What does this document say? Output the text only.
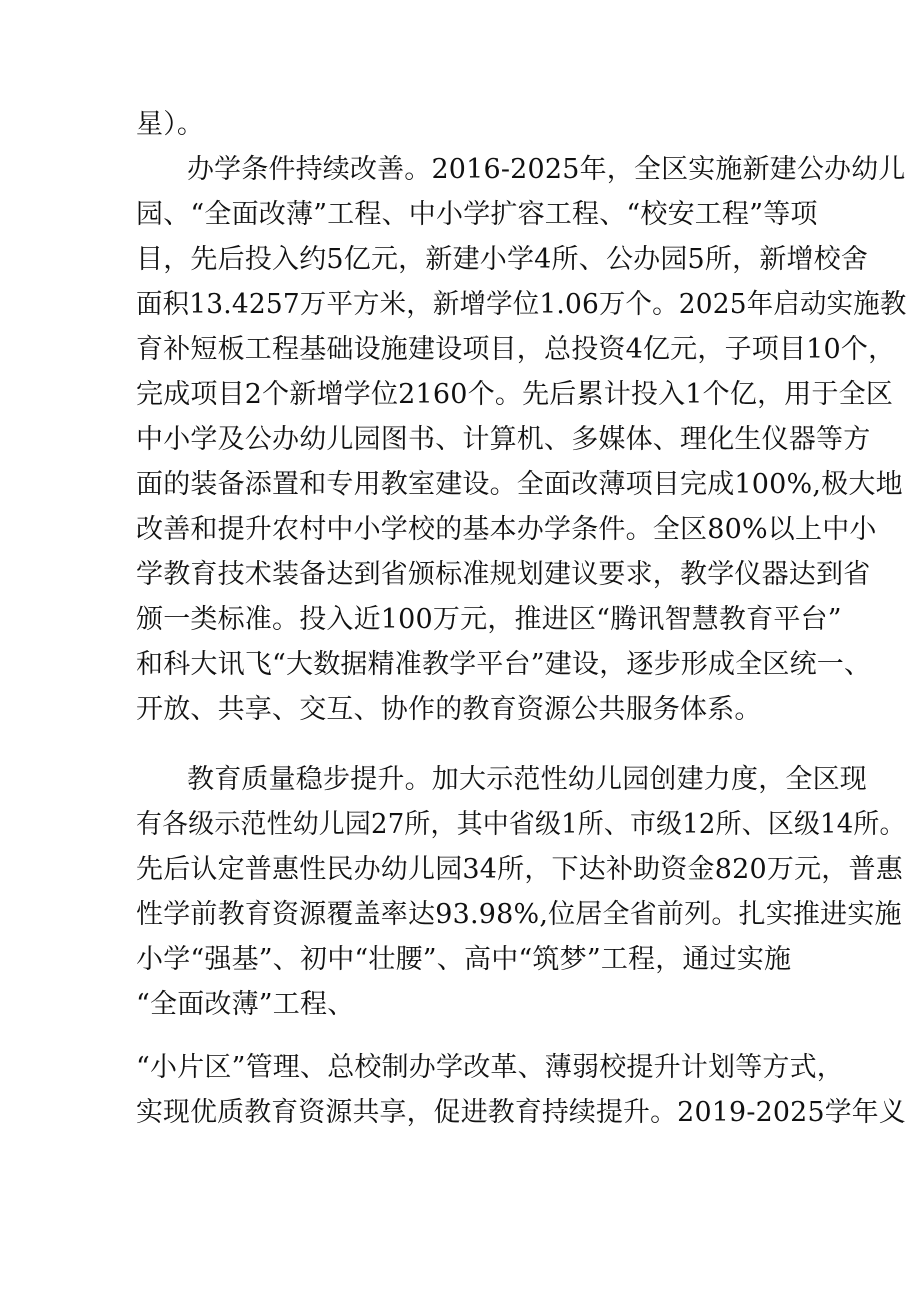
星）。
办学条件持续改善。2016-2025年，全区实施新建公办幼儿
园、“全面改薄”工程、中小学扩容工程、“校安工程”等项
目，先后投入约5亿元，新建小学4所、公办园5所，新增校舍
面积13.4257万平方米，新增学位1.06万个。2025年启动实施教
育补短板工程基础设施建设项目，总投资4亿元，子项目10个，
完成项目2个新增学位2160个。先后累计投入1个亿，用于全区
中小学及公办幼儿园图书、计算机、多媒体、理化生仪器等方
面的装备添置和专用教室建设。全面改薄项目完成100%,极大地
改善和提升农村中小学校的基本办学条件。全区80%以上中小
学教育技术装备达到省颁标准规划建议要求，教学仪器达到省
颁一类标准。投入近100万元，推进区“腾讯智慧教育平台”
和科大讯飞“大数据精准教学平台”建设，逐步形成全区统一、
开放、共享、交互、协作的教育资源公共服务体系。
教育质量稳步提升。加大示范性幼儿园创建力度，全区现
有各级示范性幼儿园27所，其中省级1所、市级12所、区级14所。
先后认定普惠性民办幼儿园34所，下达补助资金820万元，普惠
性学前教育资源覆盖率达93.98%,位居全省前列。扎实推进实施
小学“强基”、初中“壮腰”、高中“筑梦”工程，通过实施
“全面改薄”工程、
“小片区”管理、总校制办学改革、薄弱校提升计划等方式，
实现优质教育资源共享，促进教育持续提升。2019-2025学年义
